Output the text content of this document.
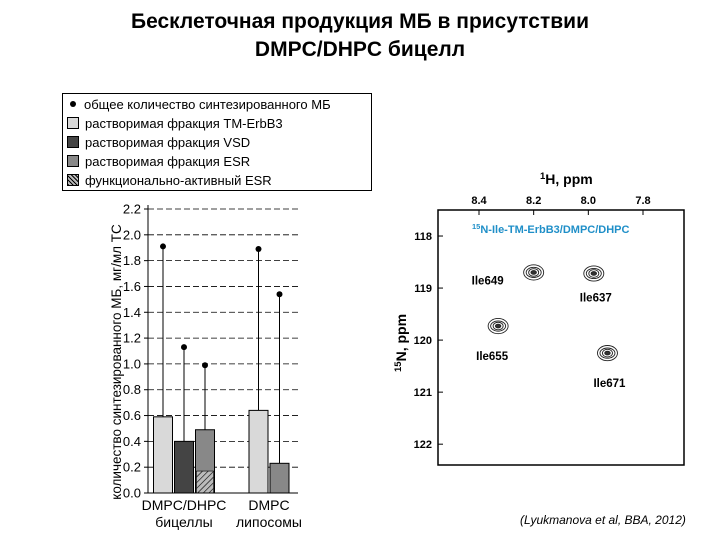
Бесклеточная продукция МБ в присутствии
DMPC/DHPC бицелл
общее количество синтезированного МБ
растворимая фракция TM-ErbB3
растворимая фракция VSD
растворимая фракция ESR
функционально-активный ESR
0.0
0.2
0.4
0.6
0.8
1.0
1.2
1.4
1.6
1.8
2.0
2.2
количество синтезированного МБ, мг/мл ТС
DMPC/DHPC
бицеллы
DMPC
липосомы
8.4	8.2	8.0	7.8
118
119
120
121
122
Ile649
Ile637
Ile655
Ile671
$^{15}$N-Ile-TM-ErbB3/DMPC/DHPC
$^1$H, ppm
$^{15}$N, ppm
(Lyukmanova et al, BBA, 2012)
